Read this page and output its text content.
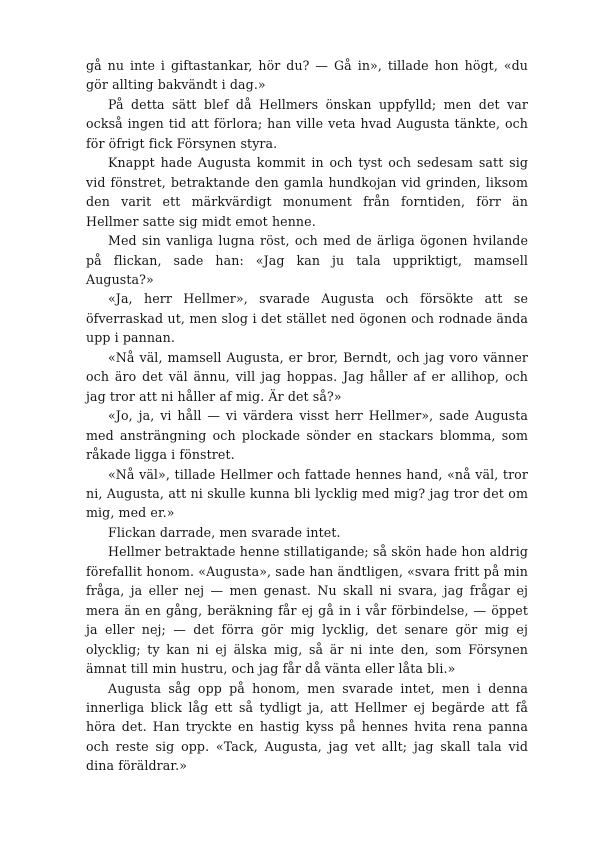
gå nu inte i giftastankar, hör du? — Gå in», tillade hon högt, «du gör allting bakvändt i dag.»

På detta sätt blef då Hellmers önskan uppfylld; men det var också ingen tid att förlora; han ville veta hvad Augusta tänkte, och för öfrigt fick Försynen styra.

Knappt hade Augusta kommit in och tyst och sedesam satt sig vid fönstret, betraktande den gamla hundkojan vid grinden, liksom den varit ett märkvärdigt monument från forntiden, förr än Hellmer satte sig midt emot henne.

Med sin vanliga lugna röst, och med de ärliga ögonen hvilande på flickan, sade han: «Jag kan ju tala uppriktigt, mamsell Augusta?»

«Ja, herr Hellmer», svarade Augusta och försökte att se öfverraskad ut, men slog i det stället ned ögonen och rodnade ända upp i pannan.

«Nå väl, mamsell Augusta, er bror, Berndt, och jag voro vänner och äro det väl ännu, vill jag hoppas. Jag håller af er allihop, och jag tror att ni håller af mig. Är det så?»

«Jo, ja, vi håll — vi värdera visst herr Hellmer», sade Augusta med ansträngning och plockade sönder en stackars blomma, som råkade ligga i fönstret.

«Nå väl», tillade Hellmer och fattade hennes hand, «nå väl, tror ni, Augusta, att ni skulle kunna bli lycklig med mig? jag tror det om mig, med er.»

Flickan darrade, men svarade intet.

Hellmer betraktade henne stillatigande; så skön hade hon aldrig förefallit honom. «Augusta», sade han ändtligen, «svara fritt på min fråga, ja eller nej — men genast. Nu skall ni svara, jag frågar ej mera än en gång, beräkning får ej gå in i vår förbindelse, — öppet ja eller nej; — det förra gör mig lycklig, det senare gör mig ej olycklig; ty kan ni ej älska mig, så är ni inte den, som Försynen ämnat till min hustru, och jag får då vänta eller låta bli.»

Augusta såg opp på honom, men svarade intet, men i denna innerliga blick låg ett så tydligt ja, att Hellmer ej begärde att få höra det. Han tryckte en hastig kyss på hennes hvita rena panna och reste sig opp. «Tack, Augusta, jag vet allt; jag skall tala vid dina föräldrar.»
